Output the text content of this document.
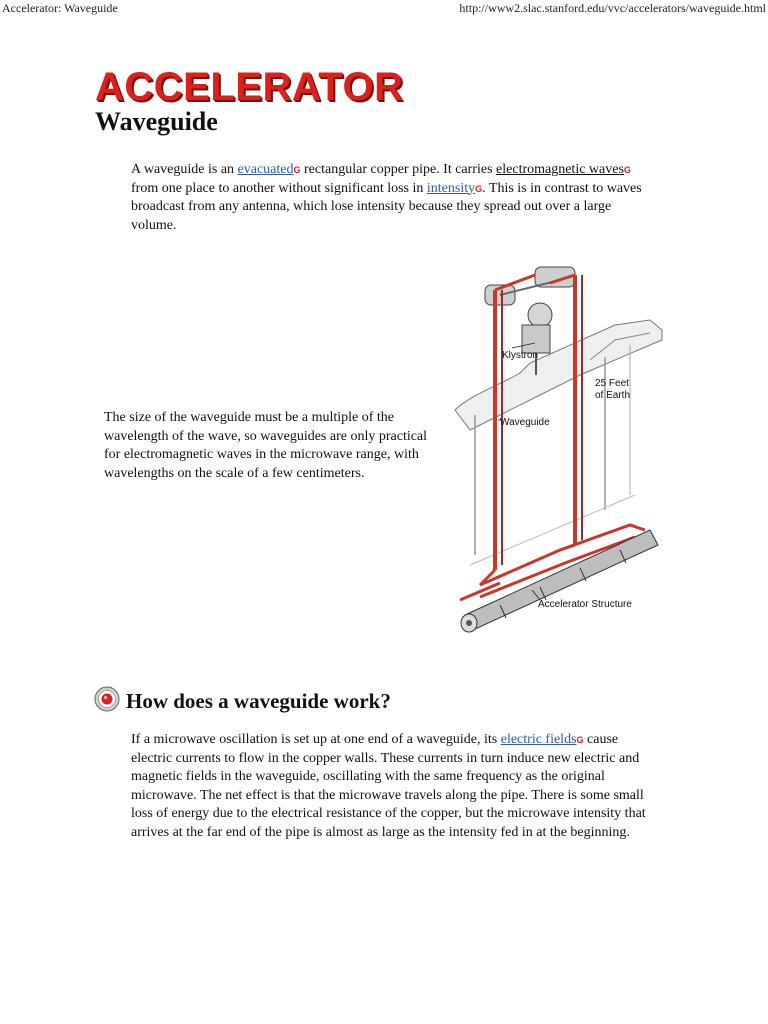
Accelerator: Waveguide	http://www2.slac.stanford.edu/vvc/accelerators/waveguide.html
ACCELERATOR
Waveguide

A waveguide is an evacuatedG rectangular copper pipe. It carries electromagnetic wavesG from one place to another without significant loss in intensityG. This is in contrast to waves broadcast from any antenna, which lose intensity because they spread out over a large volume.

The size of the waveguide must be a multiple of the wavelength of the wave, so waveguides are only practical for electromagnetic waves in the microwave range, with wavelengths on the scale of a few centimeters.

Klystron
25 Feet
of Earth
Waveguide
Accelerator Structure
How does a waveguide work?

If a microwave oscillation is set up at one end of a waveguide, its electric fieldsG cause electric currents to flow in the copper walls. These currents in turn induce new electric and magnetic fields in the waveguide, oscillating with the same frequency as the original microwave. The net effect is that the microwave travels along the pipe. There is some small loss of energy due to the electrical resistance of the copper, but the microwave intensity that arrives at the far end of the pipe is almost as large as the intensity fed in at the beginning.
